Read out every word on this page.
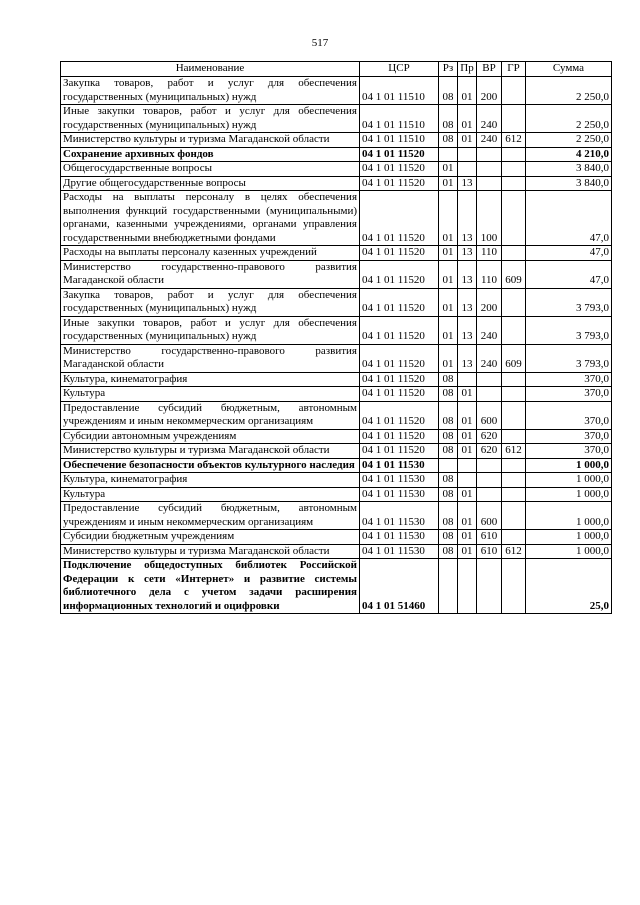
517
Наименование	ЦСР	Рз	Пр	ВР	ГР	Сумма
Закупка товаров, работ и услуг для обеспечения государственных (муниципальных) нужд	04 1 01 11510	08	01	200		2 250,0
Иные закупки товаров, работ и услуг для обеспечения государственных (муниципальных) нужд	04 1 01 11510	08	01	240		2 250,0
Министерство культуры и туризма Магаданской области	04 1 01 11510	08	01	240	612	2 250,0
Сохранение архивных фондов	04 1 01 11520					4 210,0
Общегосударственные вопросы	04 1 01 11520	01				3 840,0
Другие общегосударственные вопросы	04 1 01 11520	01	13			3 840,0
Расходы на выплаты персоналу в целях обеспечения выполнения функций государственными (муниципальными) органами, казенными учреждениями, органами управления государственными внебюджетными фондами	04 1 01 11520	01	13	100		47,0
Расходы на выплаты персоналу казенных учреждений	04 1 01 11520	01	13	110		47,0
Министерство государственно-правового развития Магаданской области	04 1 01 11520	01	13	110	609	47,0
Закупка товаров, работ и услуг для обеспечения государственных (муниципальных) нужд	04 1 01 11520	01	13	200		3 793,0
Иные закупки товаров, работ и услуг для обеспечения государственных (муниципальных) нужд	04 1 01 11520	01	13	240		3 793,0
Министерство государственно-правового развития Магаданской области	04 1 01 11520	01	13	240	609	3 793,0
Культура, кинематография	04 1 01 11520	08				370,0
Культура	04 1 01 11520	08	01			370,0
Предоставление субсидий бюджетным, автономным учреждениям и иным некоммерческим организациям	04 1 01 11520	08	01	600		370,0
Субсидии автономным учреждениям	04 1 01 11520	08	01	620		370,0
Министерство культуры и туризма Магаданской области	04 1 01 11520	08	01	620	612	370,0
Обеспечение безопасности объектов культурного наследия	04 1 01 11530					1 000,0
Культура, кинематография	04 1 01 11530	08				1 000,0
Культура	04 1 01 11530	08	01			1 000,0
Предоставление субсидий бюджетным, автономным учреждениям и иным некоммерческим организациям	04 1 01 11530	08	01	600		1 000,0
Субсидии бюджетным учреждениям	04 1 01 11530	08	01	610		1 000,0
Министерство культуры и туризма Магаданской области	04 1 01 11530	08	01	610	612	1 000,0
Подключение общедоступных библиотек Российской Федерации к сети «Интернет» и развитие системы библиотечного дела с учетом задачи расширения информационных технологий и оцифровки	04 1 01 51460					25,0
